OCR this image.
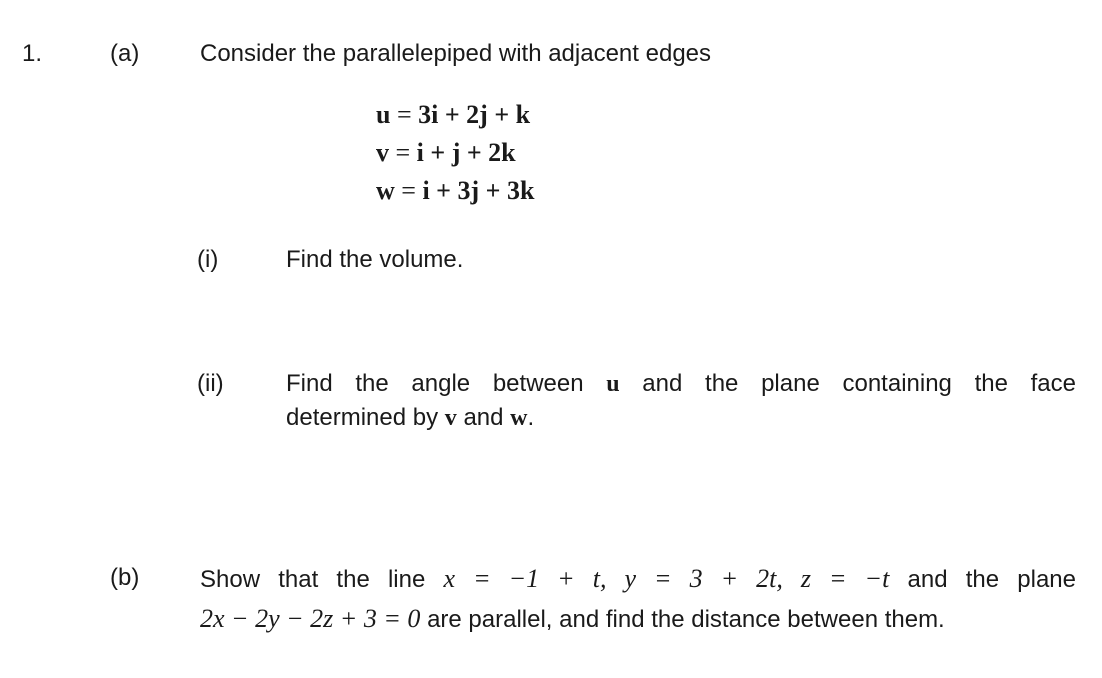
1.	(a)	Consider the parallelepiped with adjacent edges
u = 3i + 2j + k
v = i + j + 2k
w = i + 3j + 3k
(i)	Find the volume.
(ii)	Find the angle between u and the plane containing the face
determined by v and w.
(b)	Show that the line x = −1 + t, y = 3 + 2t, z = −t and the plane
2x − 2y − 2z + 3 = 0 are parallel, and find the distance between them.
